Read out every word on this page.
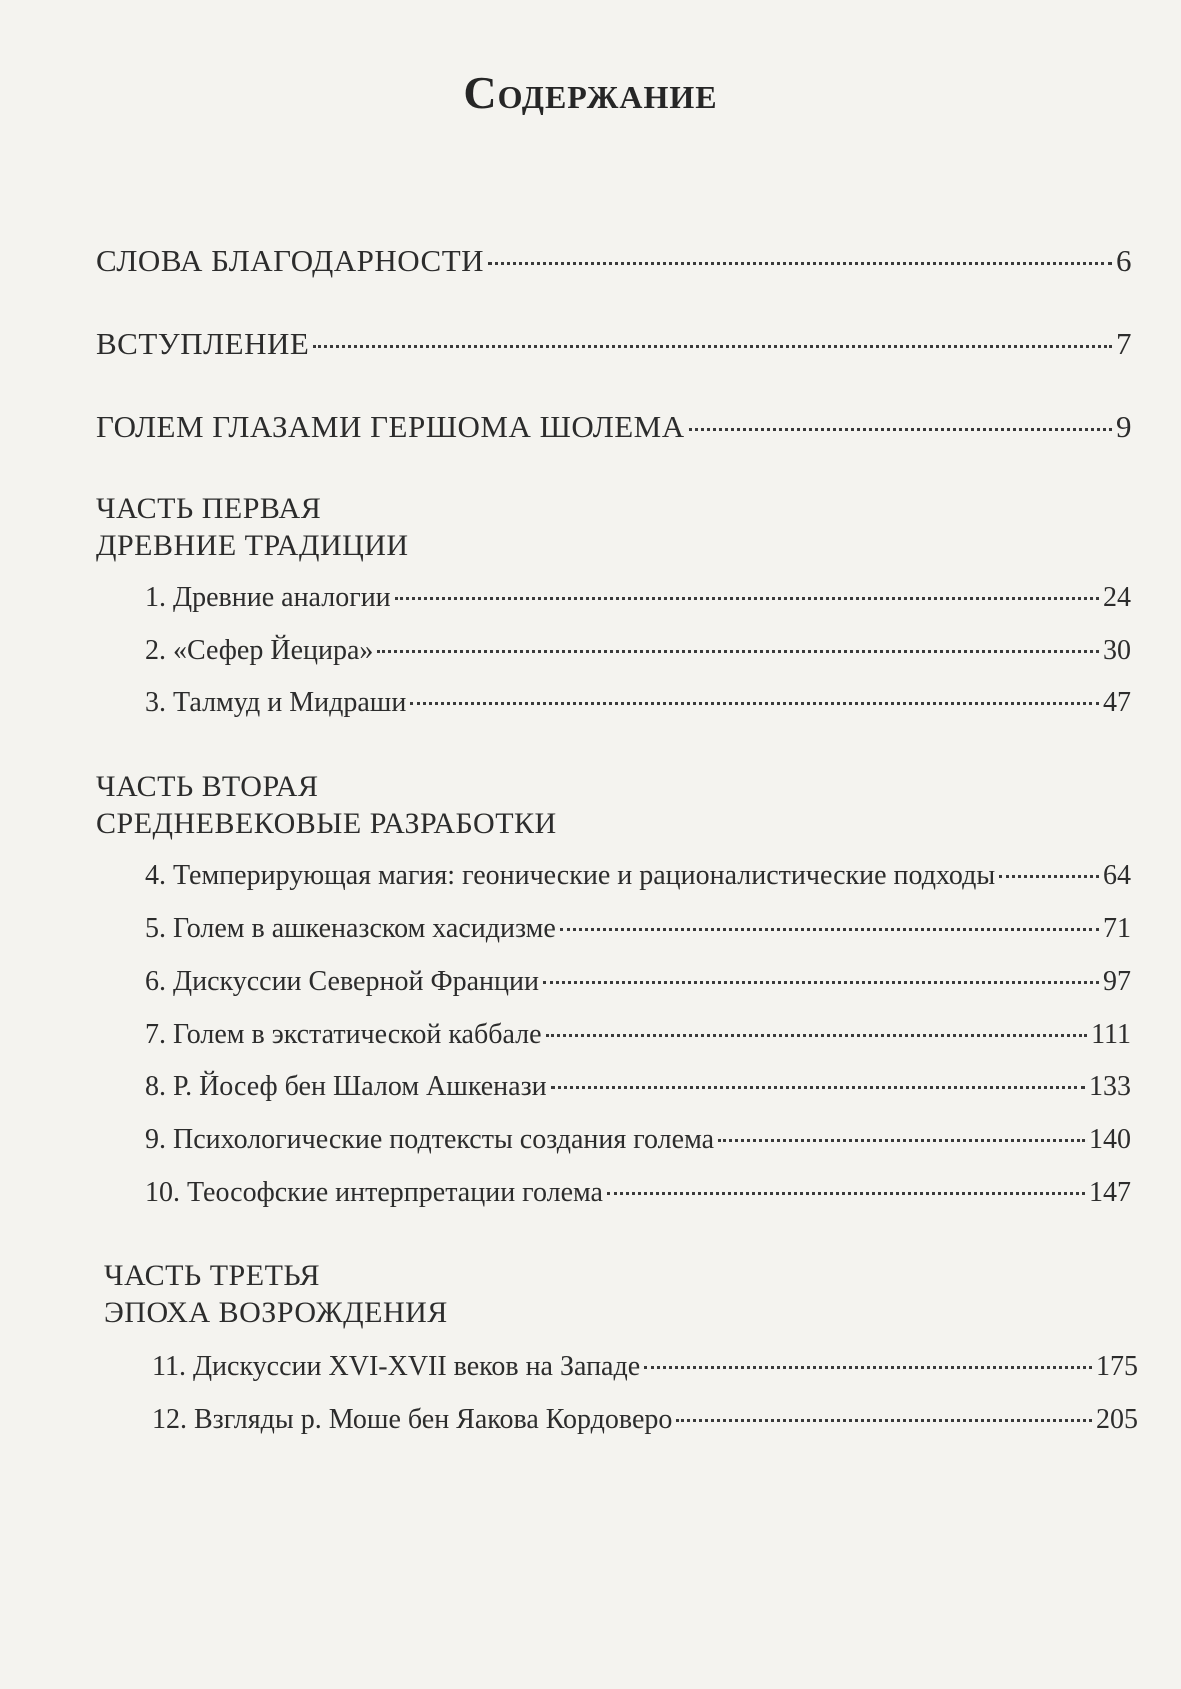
Содержание
СЛОВА БЛАГОДАРНОСТИ	6
ВСТУПЛЕНИЕ	7
ГОЛЕМ ГЛАЗАМИ ГЕРШОМА ШОЛЕМА	9
ЧАСТЬ ПЕРВАЯ
ДРЕВНИЕ ТРАДИЦИИ
1. Древние аналогии	24
2. «Сефер Йецира»	30
3. Талмуд и Мидраши	47
ЧАСТЬ ВТОРАЯ
СРЕДНЕВЕКОВЫЕ РАЗРАБОТКИ
4. Темперирующая магия: геонические и рационалистические подходы	64
5. Голем в ашкеназском хасидизме	71
6. Дискуссии Северной Франции	97
7. Голем в экстатической каббале	111
8. Р. Йосеф бен Шалом Ашкенази	133
9. Психологические подтексты создания голема	140
10. Теософские интерпретации голема	147
ЧАСТЬ ТРЕТЬЯ
ЭПОХА ВОЗРОЖДЕНИЯ
11. Дискуссии XVI-XVII веков на Западе	175
12. Взгляды р. Моше бен Яакова Кордоверо	205
